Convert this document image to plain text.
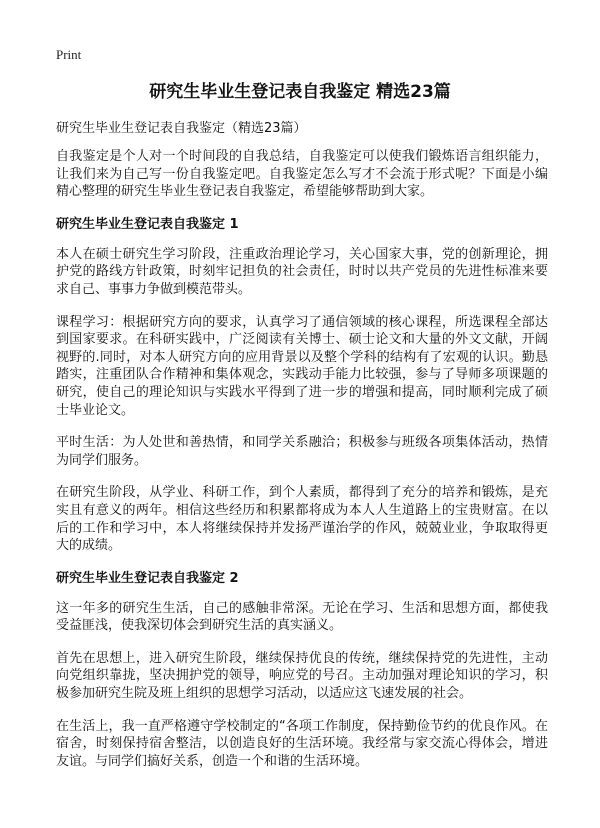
Print
研究生毕业生登记表自我鉴定 精选23篇

研究生毕业生登记表自我鉴定（精选23篇）

自我鉴定是个人对一个时间段的自我总结，自我鉴定可以使我们锻炼语言组织能力，让我们来为自己写一份自我鉴定吧。自我鉴定怎么写才不会流于形式呢？下面是小编精心整理的研究生毕业生登记表自我鉴定，希望能够帮助到大家。

研究生毕业生登记表自我鉴定 1

本人在硕士研究生学习阶段，注重政治理论学习，关心国家大事，党的创新理论，拥护党的路线方针政策，时刻牢记担负的社会责任，时时以共产党员的先进性标准来要求自己、事事力争做到模范带头。

课程学习：根据研究方向的要求，认真学习了通信领域的核心课程，所选课程全部达到国家要求。在科研实践中，广泛阅读有关博士、硕士论文和大量的外文文献，开阔视野的.同时，对本人研究方向的应用背景以及整个学科的结构有了宏观的认识。勤恳踏实，注重团队合作精神和集体观念，实践动手能力比较强，参与了导师多项课题的研究，使自己的理论知识与实践水平得到了进一步的增强和提高，同时顺利完成了硕士毕业论文。

平时生活：为人处世和善热情，和同学关系融洽；积极参与班级各项集体活动，热情为同学们服务。

在研究生阶段，从学业、科研工作，到个人素质，都得到了充分的培养和锻炼，是充实且有意义的两年。相信这些经历和积累都将成为本人人生道路上的宝贵财富。在以后的工作和学习中，本人将继续保持并发扬严谨治学的作风，兢兢业业，争取取得更大的成绩。

研究生毕业生登记表自我鉴定 2

这一年多的研究生生活，自己的感触非常深。无论在学习、生活和思想方面，都使我受益匪浅，使我深切体会到研究生活的真实涵义。

首先在思想上，进入研究生阶段，继续保持优良的传统，继续保持党的先进性，主动向党组织靠拢，坚决拥护党的领导，响应党的号召。主动加强对理论知识的学习，积极参加研究生院及班上组织的思想学习活动，以适应这飞速发展的社会。

在生活上，我一直严格遵守学校制定的“各项工作制度，保持勤俭节约的优良作风。在宿舍，时刻保持宿舍整洁，以创造良好的生活环境。我经常与家交流心得体会，增进友谊。与同学们搞好关系，创造一个和谐的生活环境。
